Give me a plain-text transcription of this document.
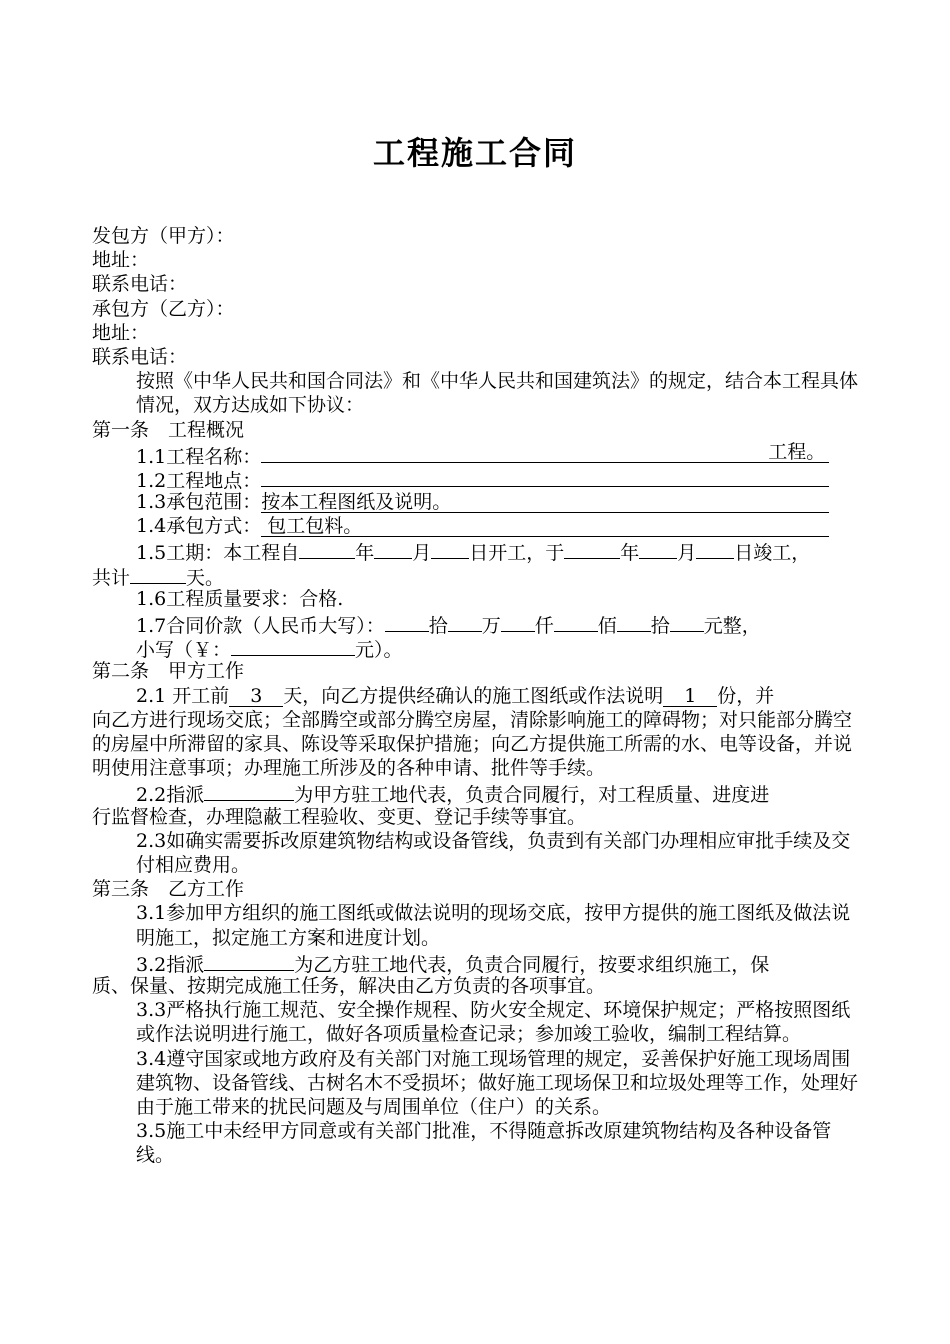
工程施工合同
发包方（甲方）：
地址：
联系电话：
承包方（乙方）：
地址：
联系电话：
按照《中华人民共和国合同法》和《中华人民共和国建筑法》的规定，结合本工程具体情况，双方达成如下协议：
第一条　工程概况
1.1工程名称：	工程。
1.2工程地点：
1.3承包范围：按本工程图纸及说明。
1.4承包方式： 包工包料。
1.5工期：本工程自	年 月 日开工，于	年 月 日竣工，
共计	天。
1.6工程质量要求：合格.
1.7合同价款（人民币大写）： 拾 万 仟 佰 拾 元整，
小写（￥：	元）。
第二条　甲方工作
2.1 开工前 3 天，向乙方提供经确认的施工图纸或作法说明 1 份，并
向乙方进行现场交底；全部腾空或部分腾空房屋，清除影响施工的障碍物；对只能部分腾空的房屋中所滞留的家具、陈设等采取保护措施；向乙方提供施工所需的水、电等设备，并说明使用注意事项；办理施工所涉及的各种申请、批件等手续。
2.2指派	为甲方驻工地代表，负责合同履行，对工程质量、进度进
行监督检查，办理隐蔽工程验收、变更、登记手续等事宜。
2.3如确实需要拆改原建筑物结构或设备管线，负责到有关部门办理相应审批手续及交付相应费用。
第三条　乙方工作
3.1参加甲方组织的施工图纸或做法说明的现场交底，按甲方提供的施工图纸及做法说明施工，拟定施工方案和进度计划。
3.2指派	为乙方驻工地代表，负责合同履行，按要求组织施工，保
质、保量、按期完成施工任务，解决由乙方负责的各项事宜。
3.3严格执行施工规范、安全操作规程、防火安全规定、环境保护规定；严格按照图纸或作法说明进行施工，做好各项质量检查记录；参加竣工验收，编制工程结算。
3.4遵守国家或地方政府及有关部门对施工现场管理的规定，妥善保护好施工现场周围建筑物、设备管线、古树名木不受损坏；做好施工现场保卫和垃圾处理等工作，处理好由于施工带来的扰民问题及与周围单位（住户）的关系。
3.5施工中未经甲方同意或有关部门批准，不得随意拆改原建筑物结构及各种设备管线。
